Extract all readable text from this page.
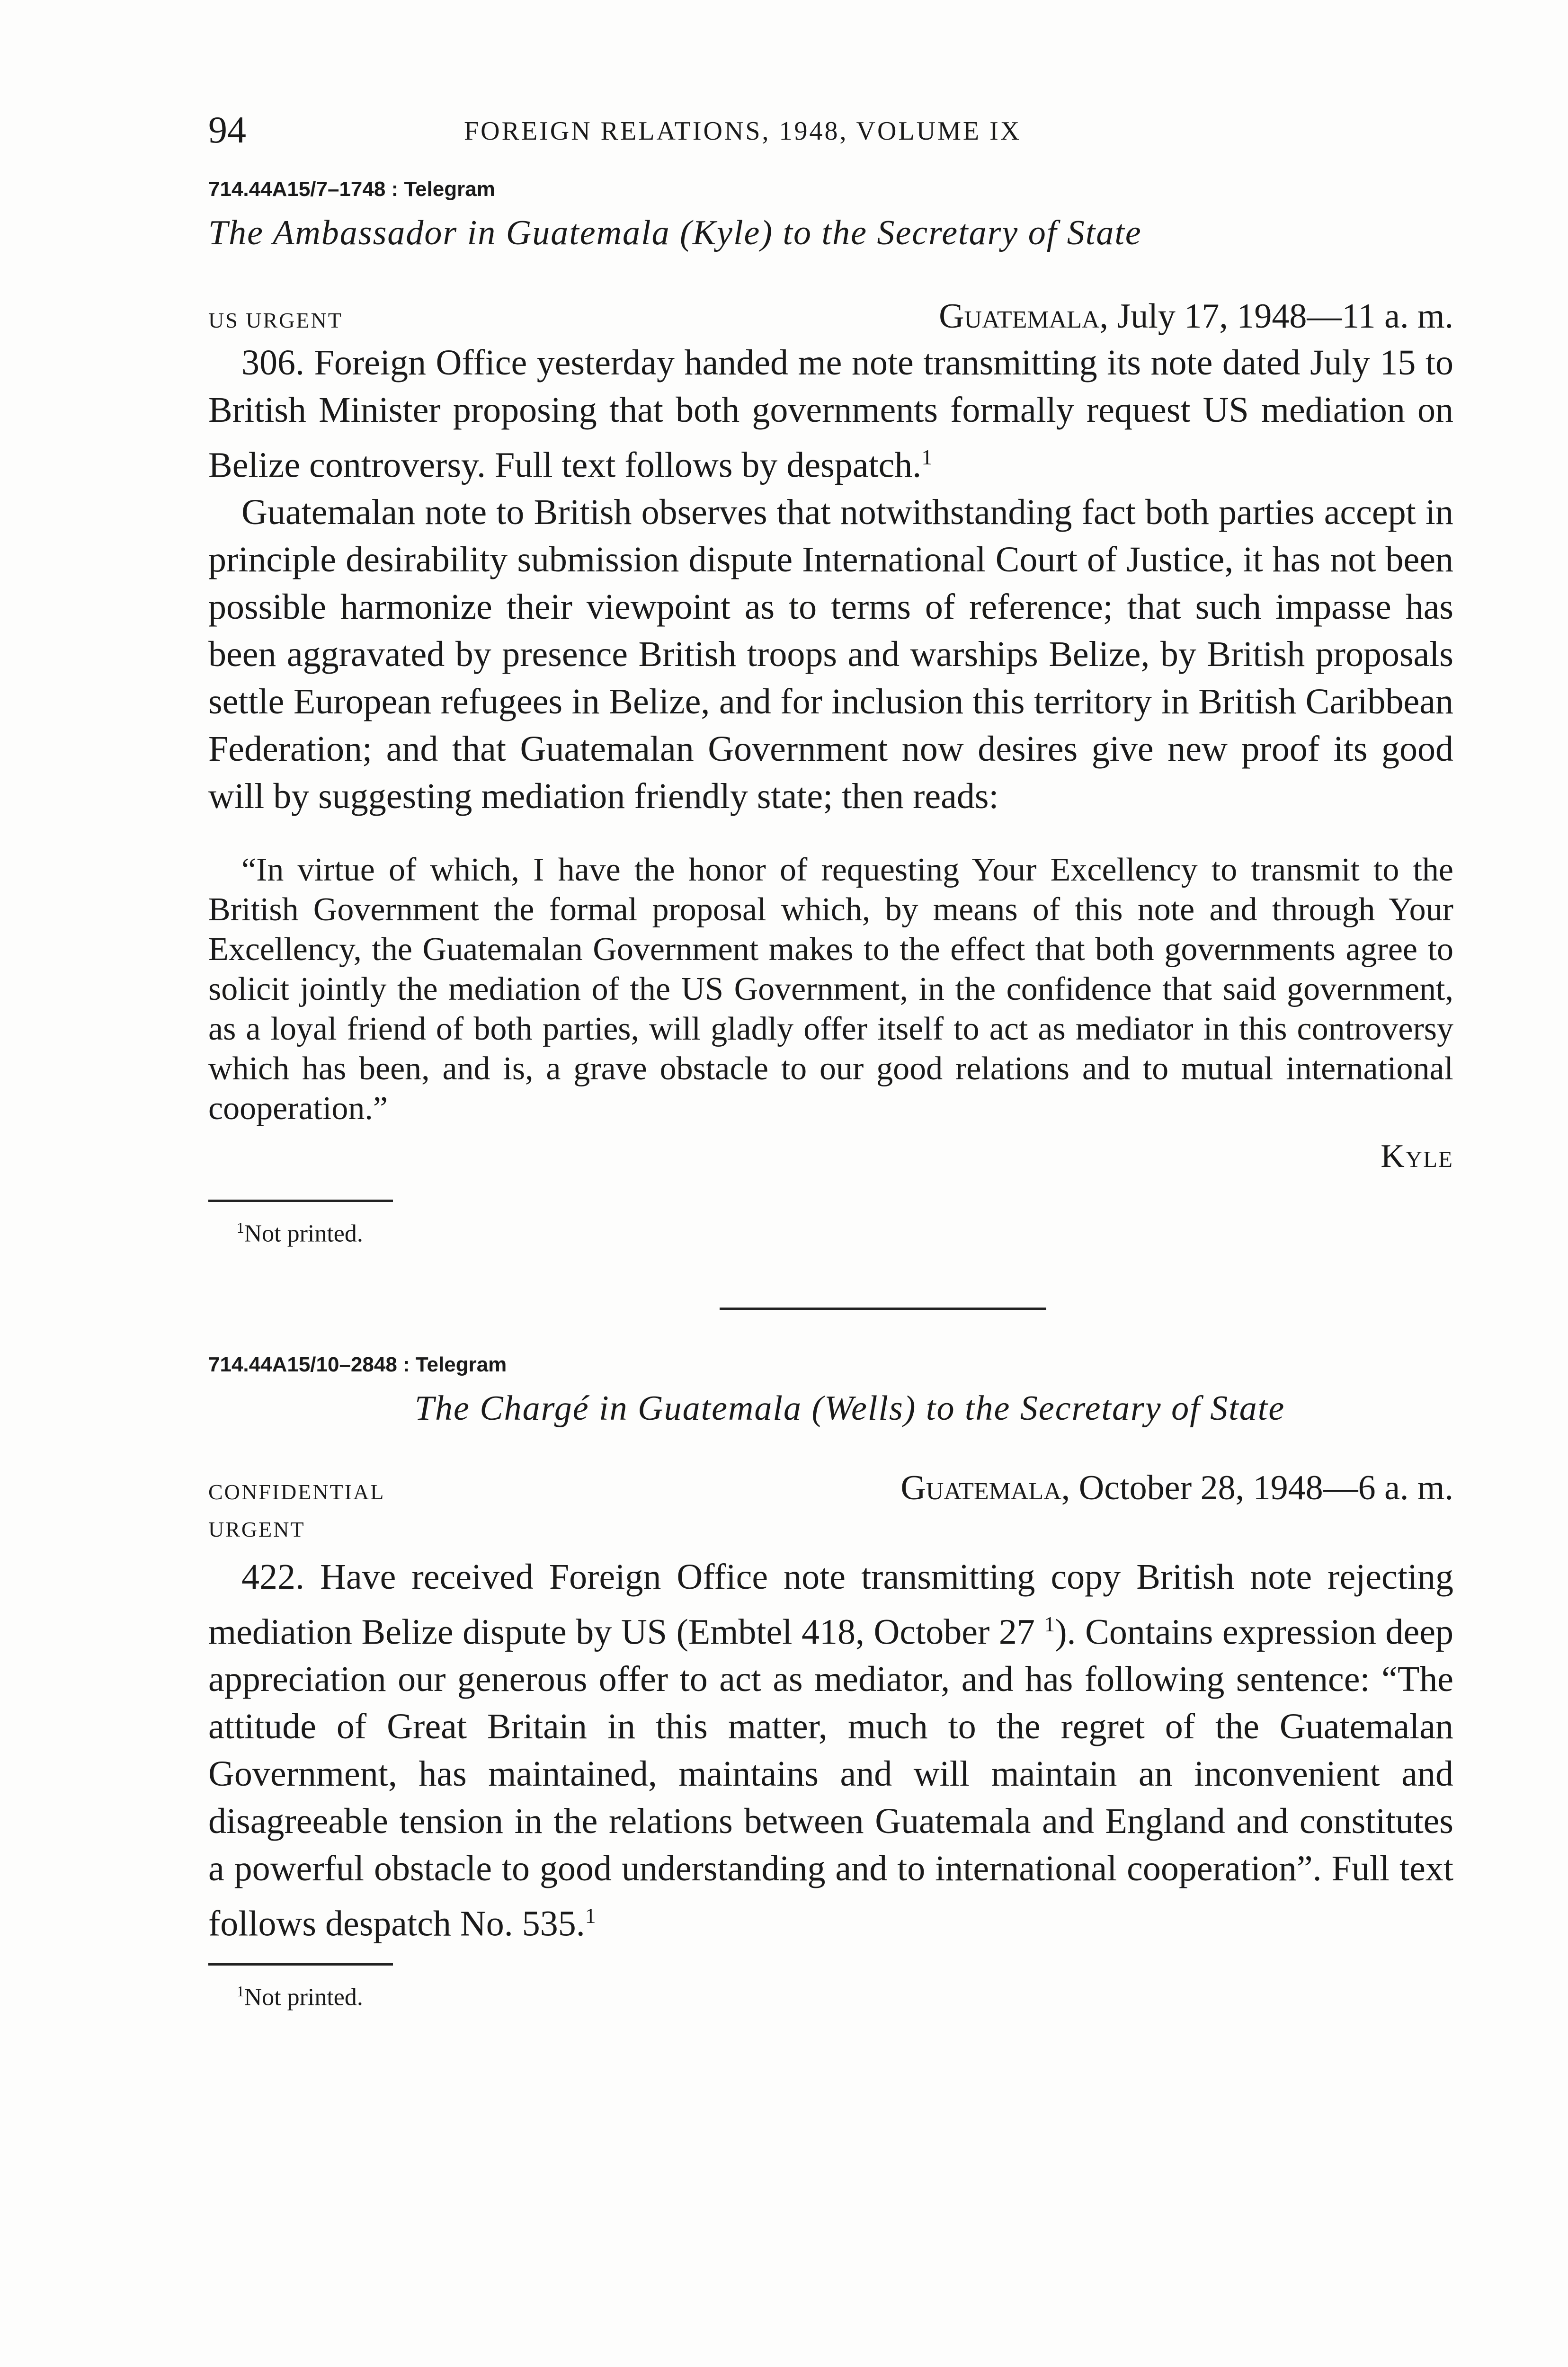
94	FOREIGN RELATIONS, 1948, VOLUME IX
714.44A15/7–1748 : Telegram
The Ambassador in Guatemala (Kyle) to the Secretary of State
US URGENT	Guatemala, July 17, 1948—11 a. m.

306. Foreign Office yesterday handed me note transmitting its note dated July 15 to British Minister proposing that both governments formally request US mediation on Belize controversy. Full text follows by despatch.$^1$

Guatemalan note to British observes that notwithstanding fact both parties accept in principle desirability submission dispute International Court of Justice, it has not been possible harmonize their viewpoint as to terms of reference; that such impasse has been aggravated by presence British troops and warships Belize, by British proposals settle European refugees in Belize, and for inclusion this territory in British Caribbean Federation; and that Guatemalan Government now desires give new proof its good will by suggesting mediation friendly state; then reads:

“In virtue of which, I have the honor of requesting Your Excellency to transmit to the British Government the formal proposal which, by means of this note and through Your Excellency, the Guatemalan Government makes to the effect that both governments agree to solicit jointly the mediation of the US Government, in the confidence that said government, as a loyal friend of both parties, will gladly offer itself to act as mediator in this controversy which has been, and is, a grave obstacle to our good relations and to mutual international cooperation.”

Kyle
$^1$Not printed.
714.44A15/10–2848 : Telegram
The Chargé in Guatemala (Wells) to the Secretary of State
CONFIDENTIAL	Guatemala, October 28, 1948—6 a. m.
URGENT

422. Have received Foreign Office note transmitting copy British note rejecting mediation Belize dispute by US (Embtel 418, October 27 $^1$). Contains expression deep appreciation our generous offer to act as mediator, and has following sentence: “The attitude of Great Britain in this matter, much to the regret of the Guatemalan Government, has maintained, maintains and will maintain an inconvenient and disagreeable tension in the relations between Guatemala and England and constitutes a powerful obstacle to good understanding and to international cooperation”. Full text follows despatch No. 535.$^1$

$^1$Not printed.
